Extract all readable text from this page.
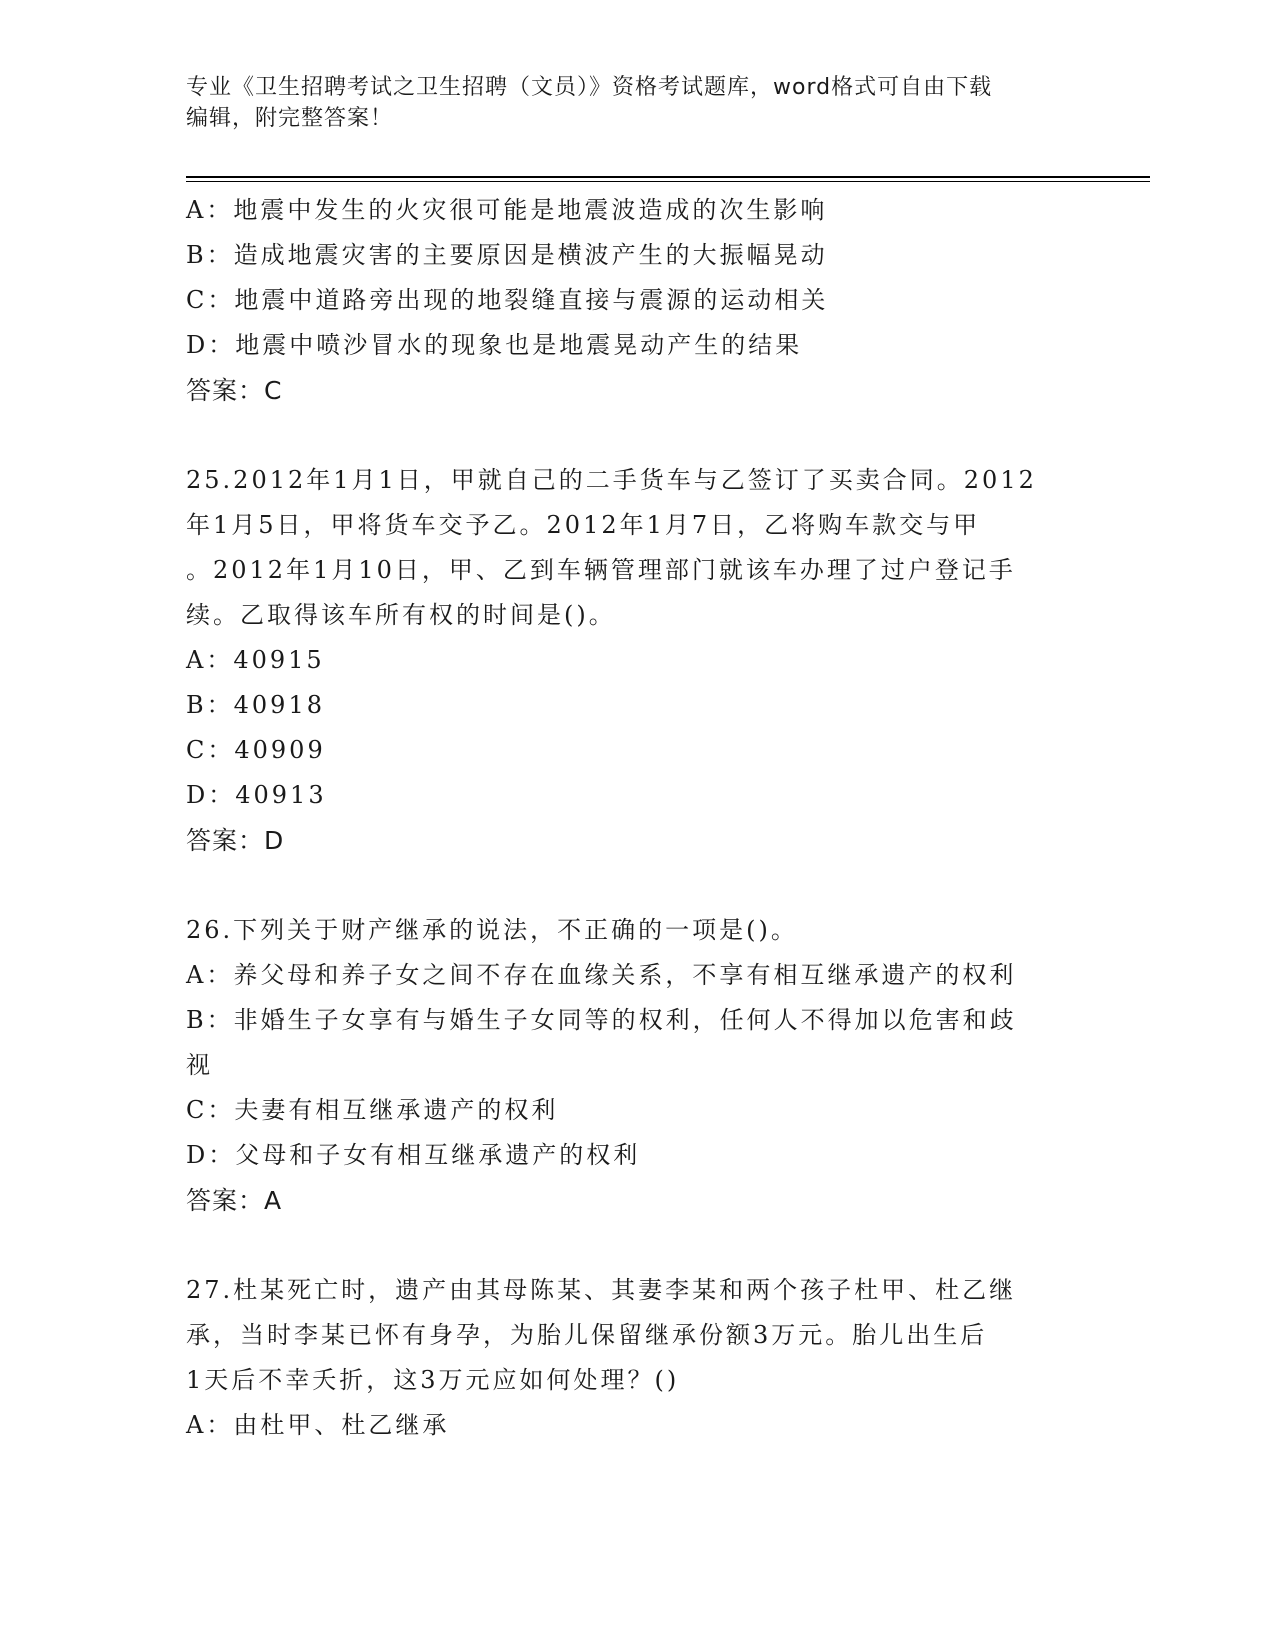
专业《卫生招聘考试之卫生招聘（文员）》资格考试题库，word格式可自由下载
编辑，附完整答案！
A：地震中发生的火灾很可能是地震波造成的次生影响
B：造成地震灾害的主要原因是横波产生的大振幅晃动
C：地震中道路旁出现的地裂缝直接与震源的运动相关
D：地震中喷沙冒水的现象也是地震晃动产生的结果
答案：C
25.2012年1月1日，甲就自己的二手货车与乙签订了买卖合同。2012
年1月5日，甲将货车交予乙。2012年1月7日，乙将购车款交与甲
。2012年1月10日，甲、乙到车辆管理部门就该车办理了过户登记手
续。乙取得该车所有权的时间是()。
A：40915
B：40918
C：40909
D：40913
答案：D
26.下列关于财产继承的说法，不正确的一项是()。
A：养父母和养子女之间不存在血缘关系，不享有相互继承遗产的权利
B：非婚生子女享有与婚生子女同等的权利，任何人不得加以危害和歧
视
C：夫妻有相互继承遗产的权利
D：父母和子女有相互继承遗产的权利
答案：A
27.杜某死亡时，遗产由其母陈某、其妻李某和两个孩子杜甲、杜乙继
承，当时李某已怀有身孕，为胎儿保留继承份额3万元。胎儿出生后
1天后不幸夭折，这3万元应如何处理？()
A：由杜甲、杜乙继承
